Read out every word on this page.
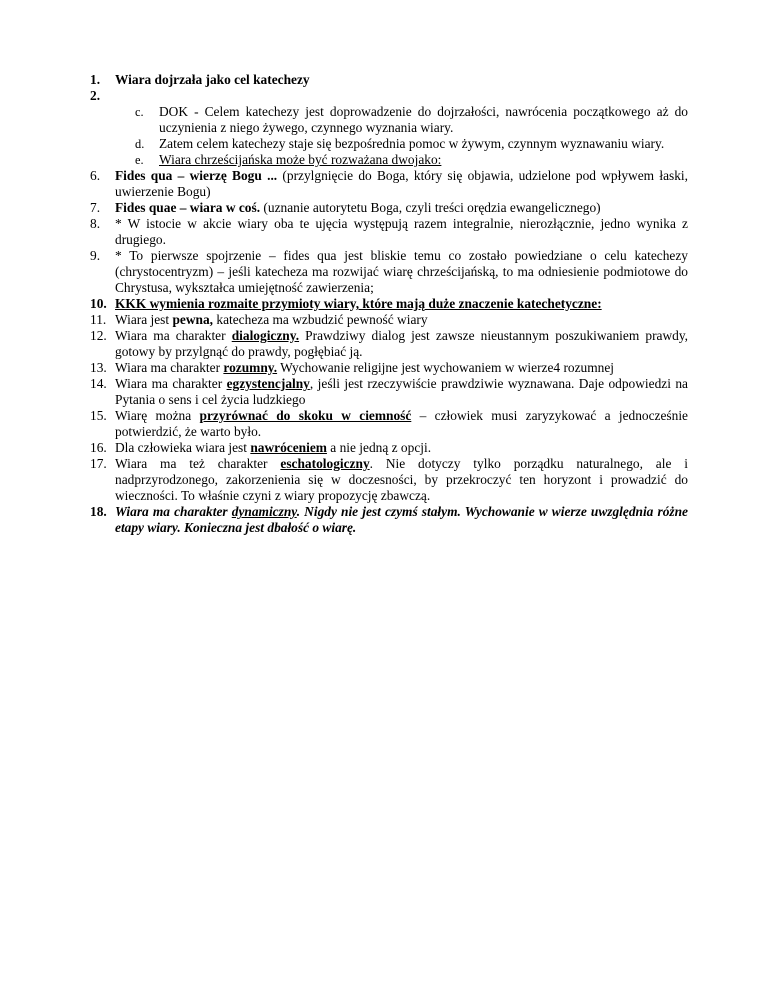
1.	Wiara dojrzała jako cel katechezy
2.
c.	DOK - Celem katechezy jest doprowadzenie do dojrzałości, nawrócenia początkowego aż do uczynienia z niego żywego, czynnego wyznania wiary.
d.	Zatem celem katechezy staje się bezpośrednia pomoc w żywym, czynnym wyznawaniu wiary.
e.	Wiara chrześcijańska może być rozważana dwojako:
6.	Fides qua – wierzę Bogu ... (przylgnięcie do Boga, który się objawia, udzielone pod wpływem łaski, uwierzenie Bogu)
7.	Fides quae – wiara w coś. (uznanie autorytetu Boga, czyli treści orędzia ewangelicznego)
8.	* W istocie w akcie wiary oba te ujęcia występują razem integralnie, nierozłącznie, jedno wynika z drugiego.
9.	* To pierwsze spojrzenie – fides qua jest bliskie temu co zostało powiedziane o celu katechezy (chrystocentryzm) – jeśli katecheza ma rozwijać wiarę chrześcijańską, to ma odniesienie podmiotowe do Chrystusa, wykształca umiejętność zawierzenia;
10. KKK wymienia rozmaite przymioty wiary, które mają duże znaczenie katechetyczne:
11. Wiara jest pewna, katecheza ma wzbudzić pewność wiary
12. Wiara ma charakter dialogiczny. Prawdziwy dialog jest zawsze nieustannym poszukiwaniem prawdy, gotowy by przylgnąć do prawdy, pogłębiać ją.
13. Wiara ma charakter rozumny. Wychowanie religijne jest wychowaniem w wierze4 rozumnej
14. Wiara ma charakter egzystencjalny, jeśli jest rzeczywiście prawdziwie wyznawana. Daje odpowiedzi na Pytania o sens i cel życia ludzkiego
15. Wiarę można przyrównać do skoku w ciemność – człowiek musi zaryzykować a jednocześnie potwierdzić, że warto było.
16. Dla człowieka wiara jest nawróceniem a nie jedną z opcji.
17. Wiara ma też charakter eschatologiczny. Nie dotyczy tylko porządku naturalnego, ale i nadprzyrodzonego, zakorzenienia się w doczesności, by przekroczyć ten horyzont i prowadzić do wieczności. To właśnie czyni z wiary propozycję zbawczą.
18. Wiara ma charakter dynamiczny. Nigdy nie jest czymś stałym. Wychowanie w wierze uwzględnia różne etapy wiary. Konieczna jest dbałość o wiarę.
